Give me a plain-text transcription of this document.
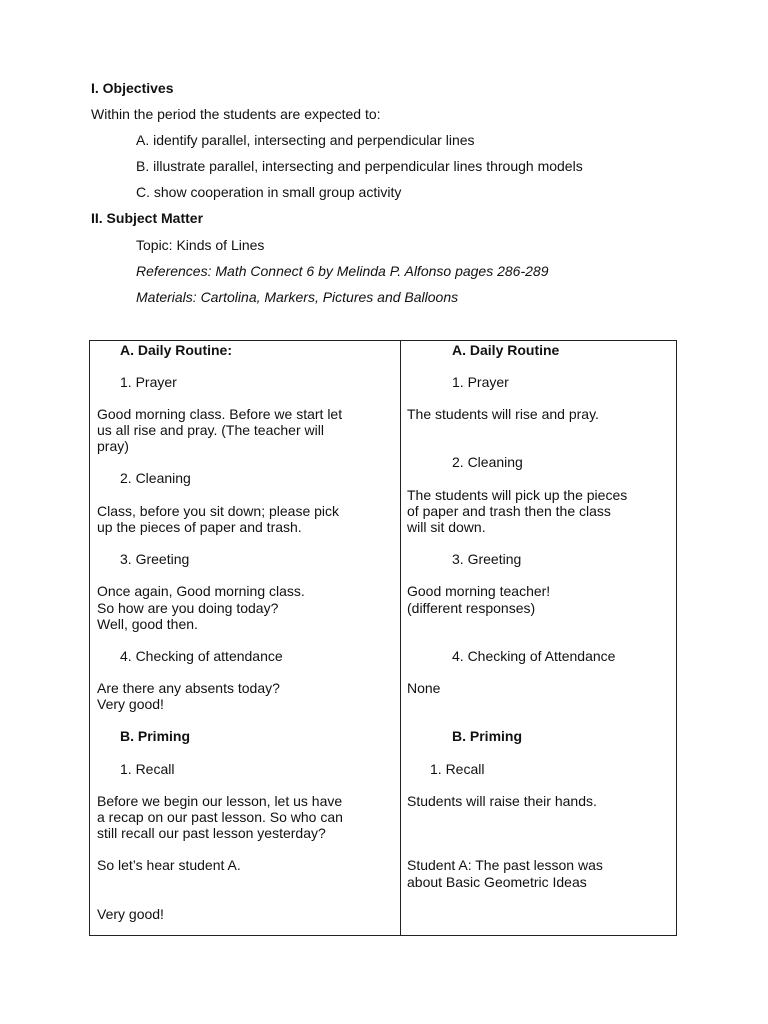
I. Objectives
Within the period the students are expected to:
A. identify parallel, intersecting and perpendicular lines
B. illustrate parallel, intersecting and perpendicular lines through models
C. show cooperation in small group activity
II. Subject Matter
Topic: Kinds of Lines
References: Math Connect 6 by Melinda P. Alfonso pages 286-289
Materials: Cartolina, Markers, Pictures and Balloons
A. Daily Routine:
1. Prayer
Good morning class. Before we start let
us all rise and pray. (The teacher will
pray)
2. Cleaning
Class, before you sit down; please pick
up the pieces of paper and trash.
3. Greeting
Once again, Good morning class.
So how are you doing today?
Well, good then.
4. Checking of attendance
Are there any absents today?
Very good!
B. Priming
1. Recall
Before we begin our lesson, let us have
a recap on our past lesson. So who can
still recall our past lesson yesterday?
So let’s hear student A.
Very good!
A. Daily Routine
1. Prayer
The students will rise and pray.
2. Cleaning
The students will pick up the pieces
of paper and trash then the class
will sit down.
3. Greeting
Good morning teacher!
(different responses)
4. Checking of Attendance
None
B. Priming
1. Recall
Students will raise their hands.
Student A: The past lesson was
about Basic Geometric Ideas
